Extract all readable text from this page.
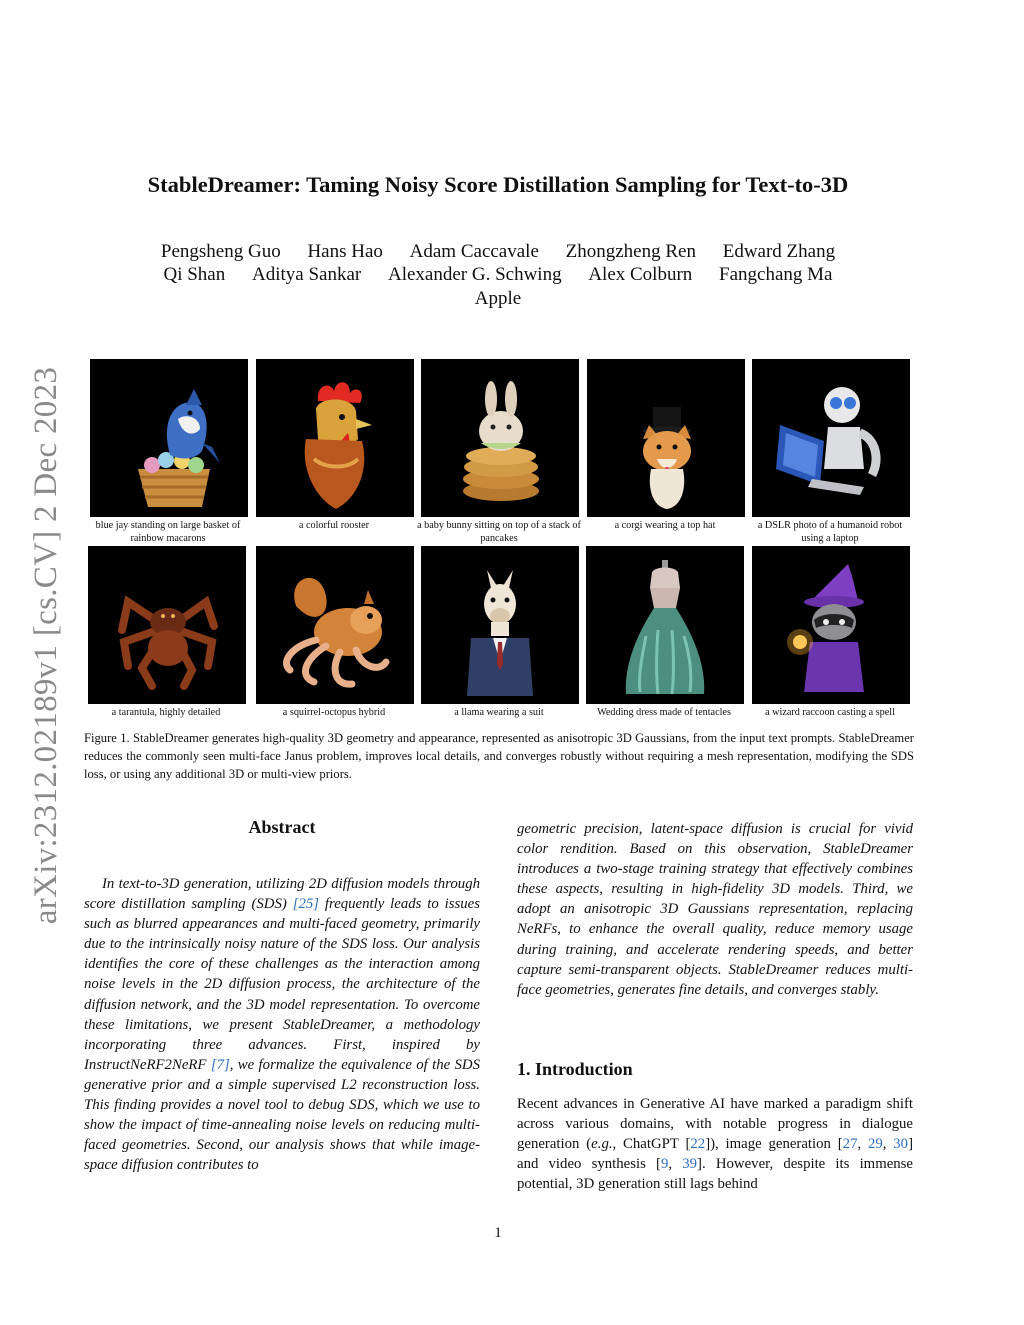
arXiv:2312.02189v1 [cs.CV] 2 Dec 2023
StableDreamer: Taming Noisy Score Distillation Sampling for Text-to-3D
Pengsheng Guo Hans Hao Adam Caccavale Zhongzheng Ren Edward Zhang
Qi Shan Aditya Sankar Alexander G. Schwing Alex Colburn Fangchang Ma
Apple
blue jay standing on large basket of rainbow macarons
a colorful rooster	a baby bunny sitting on top of a stack of pancakes
a corgi wearing a top hat	a DSLR photo of a humanoid robot using a laptop
a tarantula, highly detailed	a squirrel-octopus hybrid	a llama wearing a suit	Wedding dress made of tentacles	a wizard raccoon casting a spell
Figure 1. StableDreamer generates high-quality 3D geometry and appearance, represented as anisotropic 3D Gaussians, from the input text prompts. StableDreamer reduces the commonly seen multi-face Janus problem, improves local details, and converges robustly without requiring a mesh representation, modifying the SDS loss, or using any additional 3D or multi-view priors.
Abstract
In text-to-3D generation, utilizing 2D diffusion models through score distillation sampling (SDS) [25] frequently leads to issues such as blurred appearances and multi-faced geometry, primarily due to the intrinsically noisy nature of the SDS loss. Our analysis identifies the core of these challenges as the interaction among noise levels in the 2D diffusion process, the architecture of the diffusion network, and the 3D model representation. To overcome these limitations, we present StableDreamer, a methodology incorporating three advances. First, inspired by InstructNeRF2NeRF [7], we formalize the equivalence of the SDS generative prior and a simple supervised L2 reconstruction loss. This finding provides a novel tool to debug SDS, which we use to show the impact of time-annealing noise levels on reducing multi-faced geometries. Second, our analysis shows that while image-space diffusion contributes to
geometric precision, latent-space diffusion is crucial for vivid color rendition. Based on this observation, StableDreamer introduces a two-stage training strategy that effectively combines these aspects, resulting in high-fidelity 3D models. Third, we adopt an anisotropic 3D Gaussians representation, replacing NeRFs, to enhance the overall quality, reduce memory usage during training, and accelerate rendering speeds, and better capture semi-transparent objects. StableDreamer reduces multi-face geometries, generates fine details, and converges stably.
1. Introduction
Recent advances in Generative AI have marked a paradigm shift across various domains, with notable progress in dialogue generation (e.g., ChatGPT [22]), image generation [27, 29, 30] and video synthesis [9, 39]. However, despite its immense potential, 3D generation still lags behind
1
